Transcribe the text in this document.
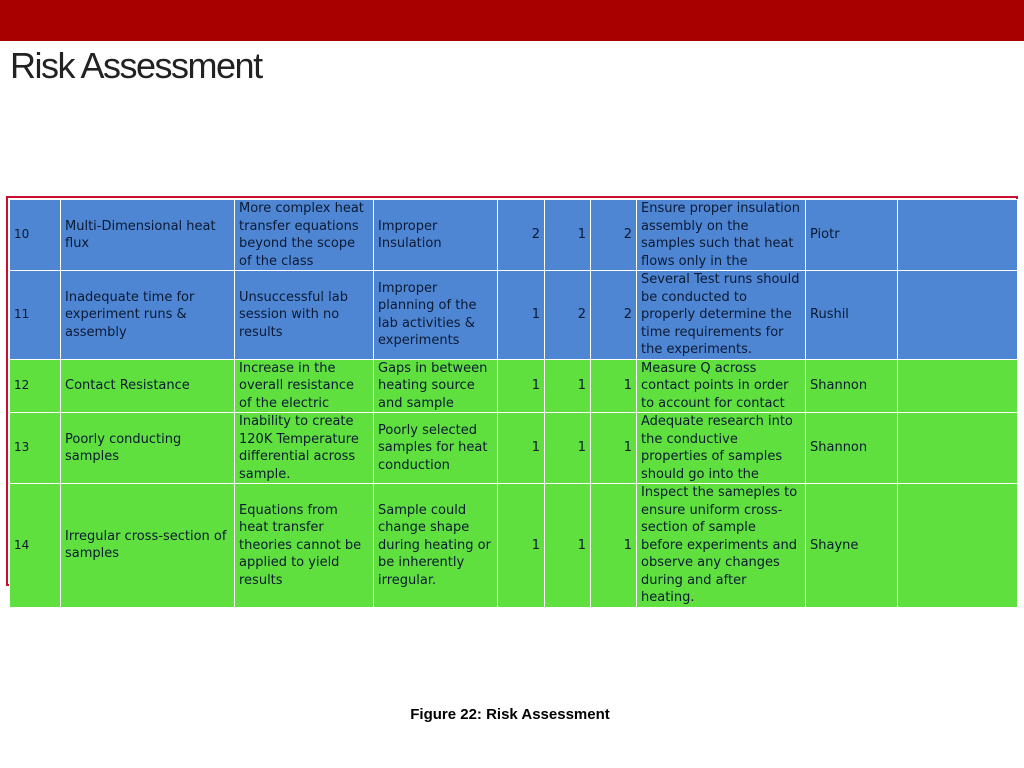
Risk Assessment
10	Multi-Dimensional heat flux	More complex heat transfer equations beyond the scope of the class	Improper Insulation	2	1	2	Ensure proper insulation assembly on the samples such that heat flows only in the	Piotr	
11	Inadequate time for experiment runs & assembly	Unsuccessful lab session with no results	Improper planning of the lab activities & experiments	1	2	2	Several Test runs should be conducted to properly determine the time requirements for the experiments.	Rushil	
12	Contact Resistance	Increase in the overall resistance of the electric	Gaps in between heating source and sample	1	1	1	Measure Q across contact points in order to account for contact	Shannon	
13	Poorly conducting samples	Inability to create 120K Temperature differential across sample.	Poorly selected samples for heat conduction	1	1	1	Adequate research into the conductive properties of samples should go into the	Shannon	
14	Irregular cross-section of samples	Equations from heat transfer theories cannot be applied to yield results	Sample could change shape during heating or be inherently irregular.	1	1	1	Inspect the sameples to ensure uniform cross-section of sample before experiments and observe any changes during and after heating.	Shayne	

Figure 22: Risk Assessment
